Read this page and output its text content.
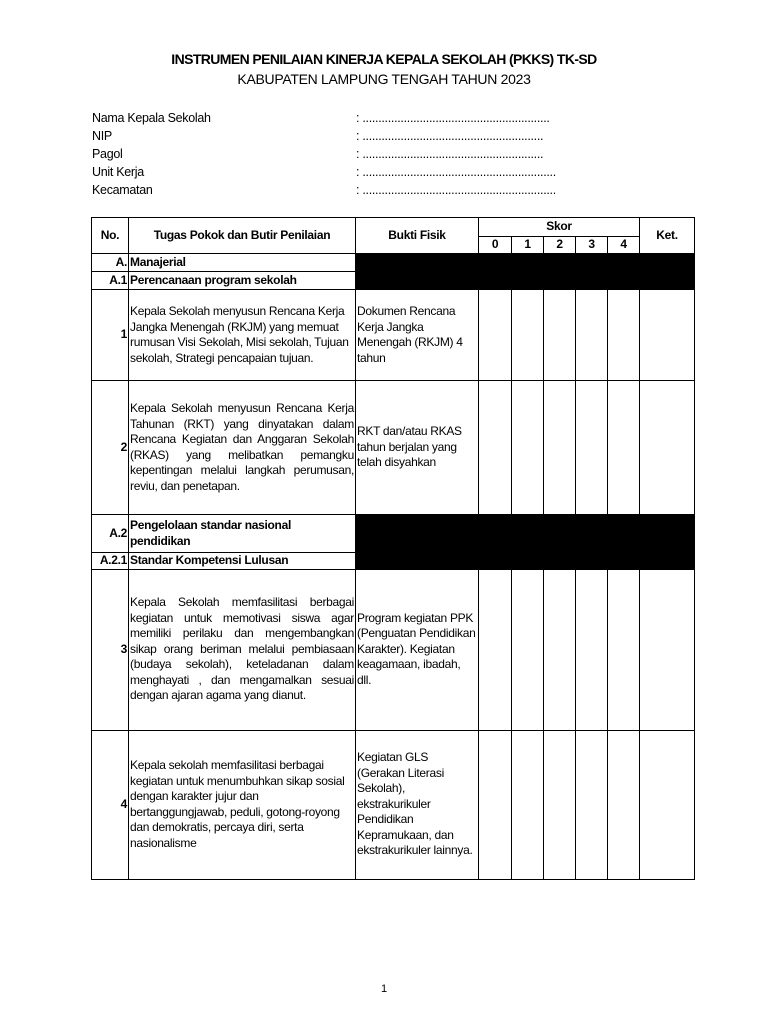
INSTRUMEN PENILAIAN KINERJA KEPALA SEKOLAH (PKKS) TK-SD
KABUPATEN LAMPUNG TENGAH TAHUN 2023
Nama Kepala Sekolah	: ...........................................................
NIP	: .........................................................
Pagol	: .........................................................
Unit Kerja	: .............................................................
Kecamatan	: .............................................................
No.	Tugas Pokok dan Butir Penilaian	Bukti Fisik	Skor					Ket.
			0	1	2	3	4	
A.	Manajerial							
A.1	Perencanaan program sekolah							
1	Kepala Sekolah menyusun Rencana Kerja Jangka Menengah (RKJM) yang memuat rumusan Visi Sekolah, Misi sekolah, Tujuan sekolah, Strategi pencapaian tujuan.	Dokumen Rencana Kerja Jangka Menengah (RKJM) 4 tahun						
2	Kepala Sekolah menyusun Rencana Kerja Tahunan (RKT) yang dinyatakan dalam Rencana Kegiatan dan Anggaran Sekolah (RKAS) yang melibatkan pemangku kepentingan melalui langkah perumusan, reviu, dan penetapan.	RKT dan/atau RKAS tahun berjalan yang telah disyahkan						
A.2	Pengelolaan standar nasional pendidikan							
A.2.1	Standar Kompetensi Lulusan							
3	Kepala Sekolah memfasilitasi berbagai kegiatan untuk memotivasi siswa agar memiliki perilaku dan mengembangkan sikap orang beriman melalui pembiasaan (budaya sekolah), keteladanan dalam menghayati , dan mengamalkan sesuai dengan ajaran agama yang dianut.	Program kegiatan PPK (Penguatan Pendidikan Karakter). Kegiatan keagamaan, ibadah, dll.						
4	Kepala sekolah memfasilitasi berbagai kegiatan untuk menumbuhkan sikap sosial dengan karakter jujur dan bertanggungjawab, peduli, gotong-royong dan demokratis, percaya diri, serta nasionalisme	Kegiatan GLS (Gerakan Literasi Sekolah), ekstrakurikuler Pendidikan Kepramukaan, dan ekstrakurikuler lainnya.						
1
